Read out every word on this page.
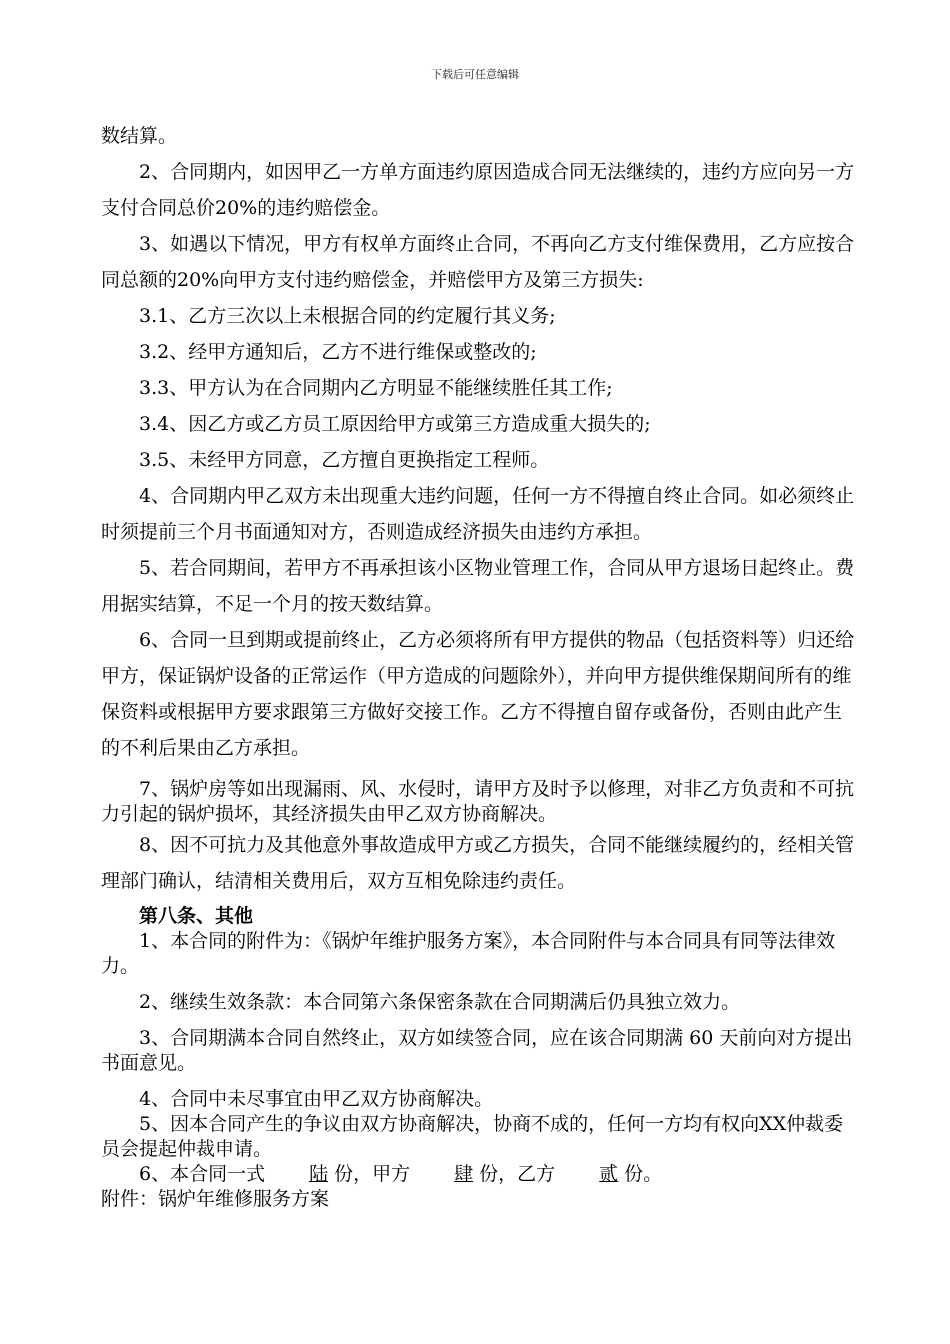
下载后可任意编辑

数结算。

2、合同期内，如因甲乙一方单方面违约原因造成合同无法继续的，违约方应向另一方支付合同总价20%的违约赔偿金。

3、如遇以下情况，甲方有权单方面终止合同，不再向乙方支付维保费用，乙方应按合同总额的20%向甲方支付违约赔偿金，并赔偿甲方及第三方损失:

3.1、乙方三次以上未根据合同的约定履行其义务;

3.2、经甲方通知后，乙方不进行维保或整改的;

3.3、甲方认为在合同期内乙方明显不能继续胜任其工作;

3.4、因乙方或乙方员工原因给甲方或第三方造成重大损失的;

3.5、未经甲方同意，乙方擅自更换指定工程师。

4、合同期内甲乙双方未出现重大违约问题，任何一方不得擅自终止合同。如必须终止时须提前三个月书面通知对方，否则造成经济损失由违约方承担。

5、若合同期间，若甲方不再承担该小区物业管理工作，合同从甲方退场日起终止。费用据实结算，不足一个月的按天数结算。

6、合同一旦到期或提前终止，乙方必须将所有甲方提供的物品（包括资料等）归还给甲方，保证锅炉设备的正常运作（甲方造成的问题除外），并向甲方提供维保期间所有的维保资料或根据甲方要求跟第三方做好交接工作。乙方不得擅自留存或备份，否则由此产生的不利后果由乙方承担。

7、锅炉房等如出现漏雨、风、水侵时，请甲方及时予以修理，对非乙方负责和不可抗力引起的锅炉损坏，其经济损失由甲乙双方协商解决。

8、因不可抗力及其他意外事故造成甲方或乙方损失，合同不能继续履约的，经相关管理部门确认，结清相关费用后，双方互相免除违约责任。

第八条、其他

1、本合同的附件为：《锅炉年维护服务方案》，本合同附件与本合同具有同等法律效力。

2、继续生效条款：本合同第六条保密条款在合同期满后仍具独立效力。

3、合同期满本合同自然终止，双方如续签合同，应在该合同期满 60 天前向对方提出书面意见。

4、合同中未尽事宜由甲乙双方协商解决。

5、因本合同产生的争议由双方协商解决，协商不成的，任何一方均有权向XX仲裁委员会提起仲裁申请。

6、本合同一式 陆 份，甲方 肆 份，乙方 贰 份。

附件：锅炉年维修服务方案
